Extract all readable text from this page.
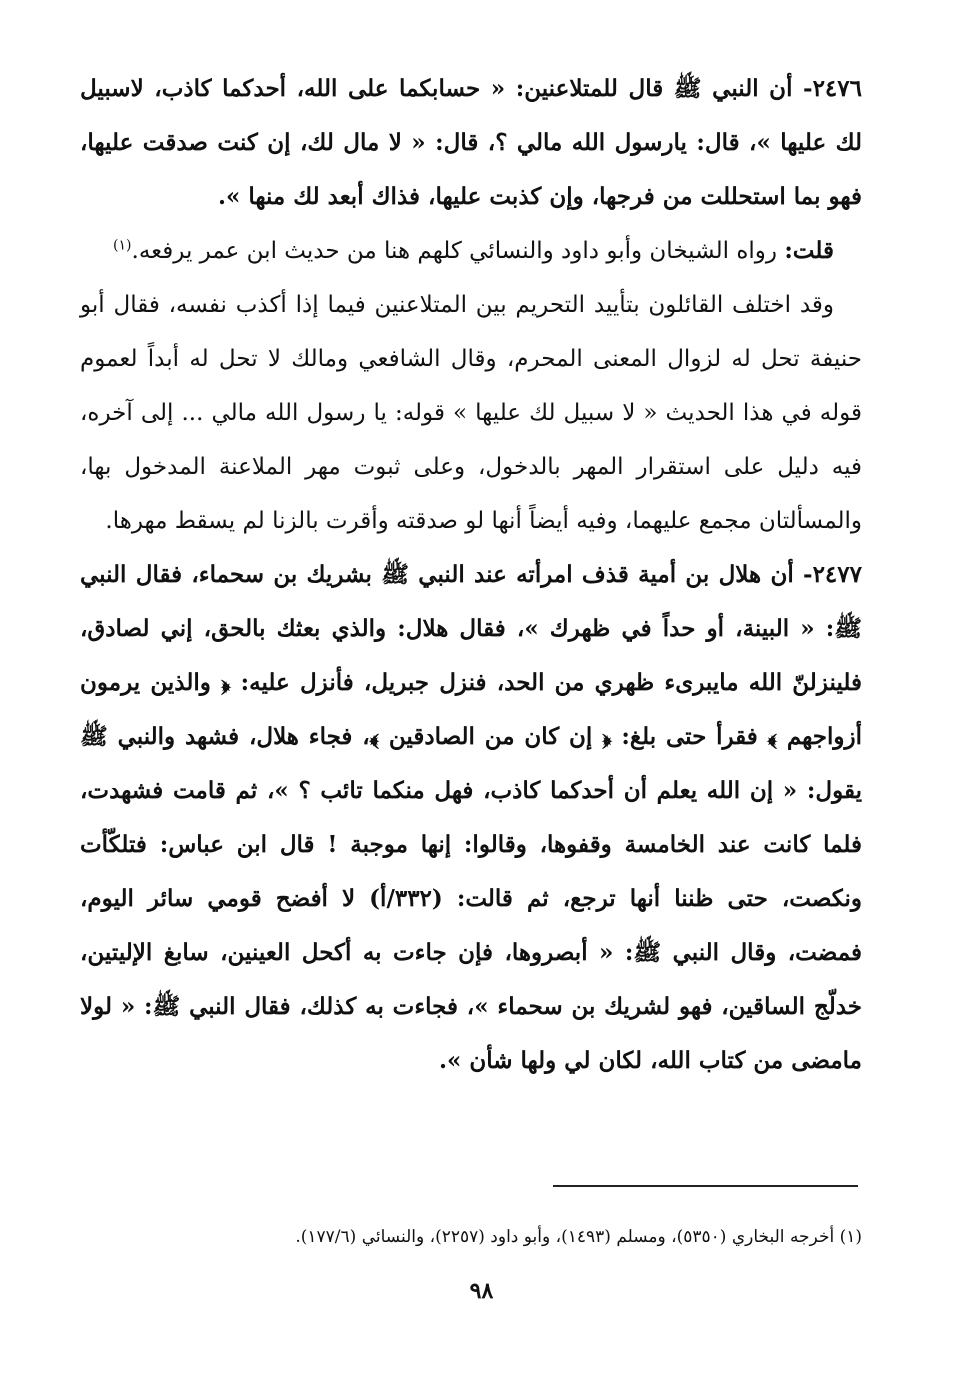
٢٤٧٦- أن النبي ﷺ قال للمتلاعنين: « حسابكما على الله، أحدكما كاذب، لاسبيل لك عليها »، قال: يارسول الله مالي ؟، قال: « لا مال لك، إن كنت صدقت عليها، فهو بما استحللت من فرجها، وإن كذبت عليها، فذاك أبعد لك منها ».

قلت: رواه الشيخان وأبو داود والنسائي كلهم هنا من حديث ابن عمر يرفعه.$^{(١)}$

وقد اختلف القائلون بتأييد التحريم بين المتلاعنين فيما إذا أكذب نفسه، فقال أبو حنيفة تحل له لزوال المعنى المحرم، وقال الشافعي ومالك لا تحل له أبداً لعموم قوله في هذا الحديث « لا سبيل لك عليها » قوله: يا رسول الله مالي ... إلى آخره، فيه دليل على استقرار المهر بالدخول، وعلى ثبوت مهر الملاعنة المدخول بها، والمسألتان مجمع عليهما، وفيه أيضاً أنها لو صدقته وأقرت بالزنا لم يسقط مهرها.

٢٤٧٧- أن هلال بن أمية قذف امرأته عند النبي ﷺ بشريك بن سحماء، فقال النبي ﷺ: « البينة، أو حداً في ظهرك »، فقال هلال: والذي بعثك بالحق، إني لصادق، فلينزلنّ الله مايبرىء ظهري من الحد، فنزل جبريل، فأنزل عليه: ﴿ والذين يرمون أزواجهم ﴾ فقرأ حتى بلغ: ﴿ إن كان من الصادقين ﴾، فجاء هلال، فشهد والنبي ﷺ يقول: « إن الله يعلم أن أحدكما كاذب، فهل منكما تائب ؟ »، ثم قامت فشهدت، فلما كانت عند الخامسة وقفوها، وقالوا: إنها موجبة ! قال ابن عباس: فتلكّأت ونكصت، حتى ظننا أنها ترجع، ثم قالت: (٣٣٢/أ) لا أفضح قومي سائر اليوم، فمضت، وقال النبي ﷺ: « أبصروها، فإن جاءت به أكحل العينين، سابغ الإليتين، خدلّج الساقين، فهو لشريك بن سحماء »، فجاءت به كذلك، فقال النبي ﷺ: « لولا مامضى من كتاب الله، لكان لي ولها شأن ».

(١) أخرجه البخاري (٥٣٥٠)، ومسلم (١٤٩٣)، وأبو داود (٢٢٥٧)، والنسائي (١٧٧/٦).
٩٨
